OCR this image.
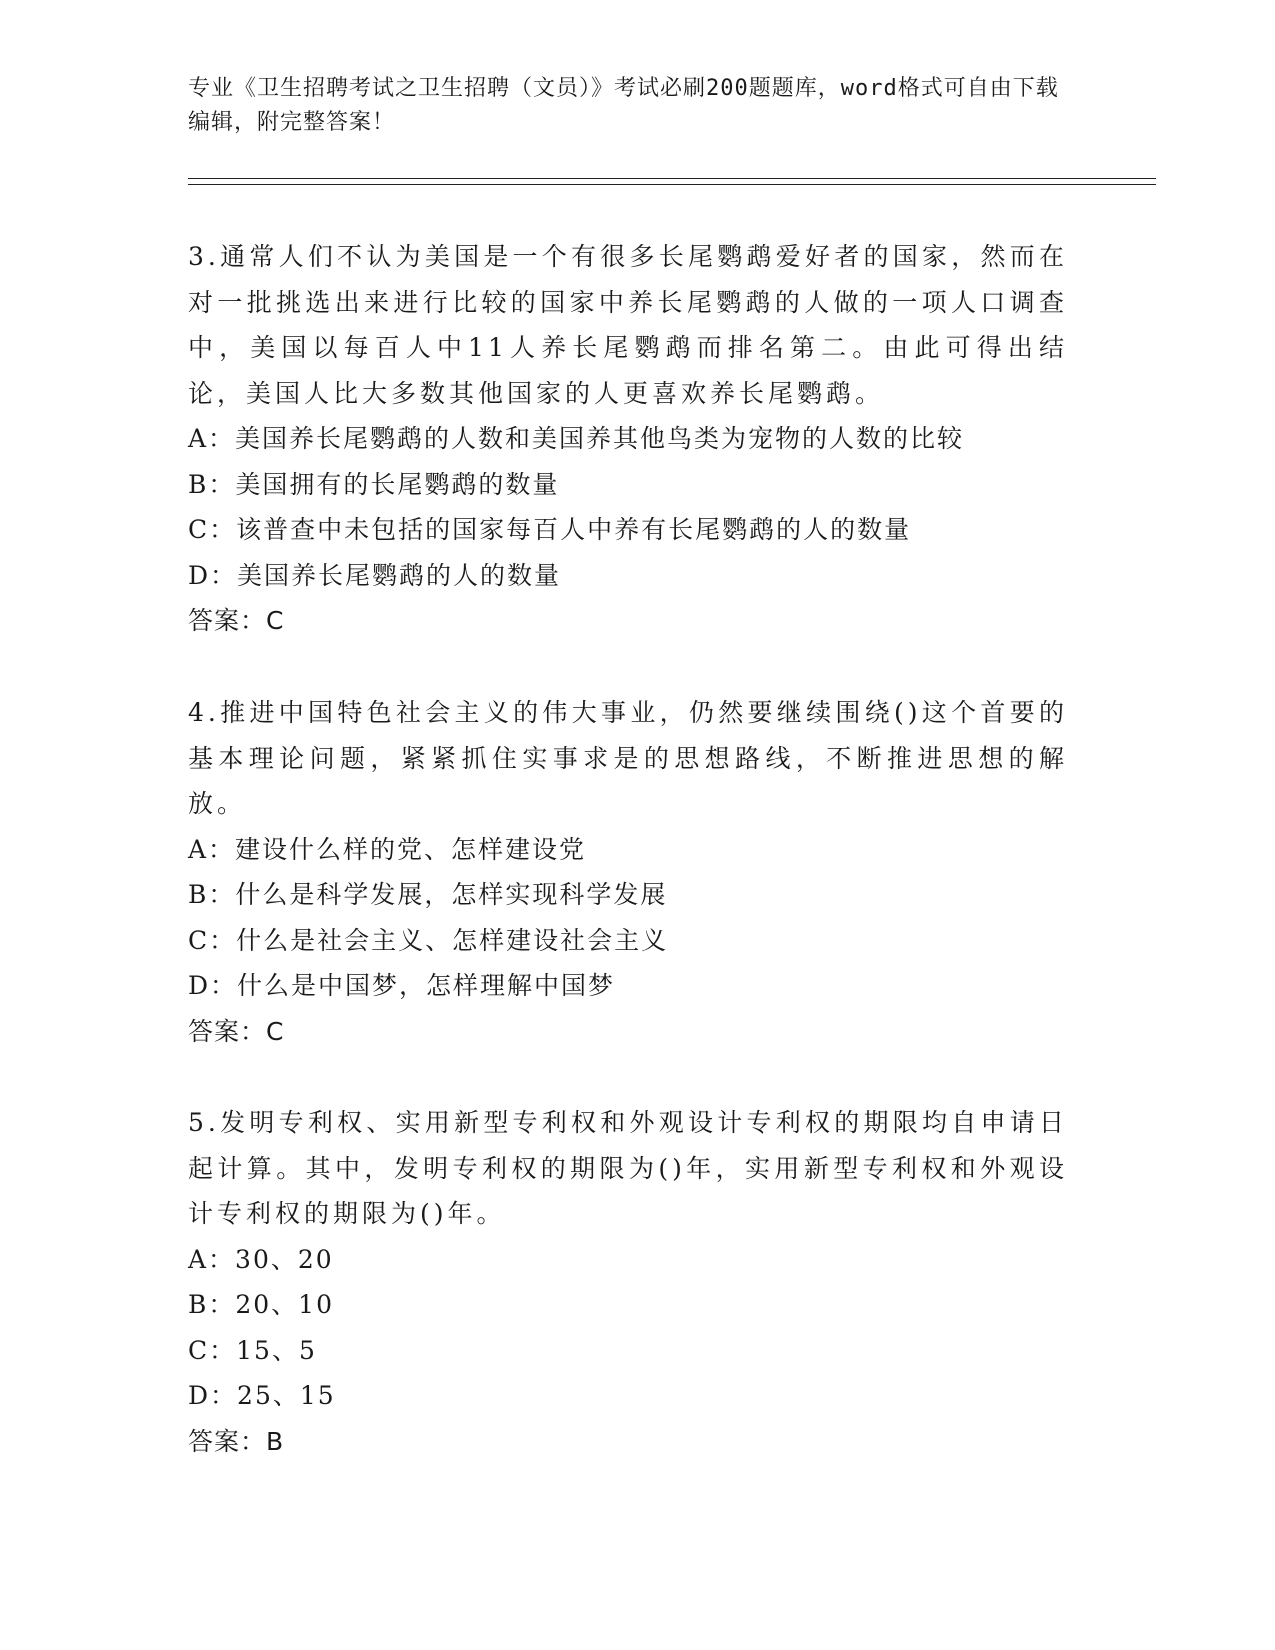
专业《卫生招聘考试之卫生招聘（文员）》考试必刷200题题库，word格式可自由下载编辑，附完整答案！

3.通常人们不认为美国是一个有很多长尾鹦鹉爱好者的国家，然而在对一批挑选出来进行比较的国家中养长尾鹦鹉的人做的一项人口调查中，美国以每百人中11人养长尾鹦鹉而排名第二。由此可得出结论，美国人比大多数其他国家的人更喜欢养长尾鹦鹉。

A：美国养长尾鹦鹉的人数和美国养其他鸟类为宠物的人数的比较

B：美国拥有的长尾鹦鹉的数量

C：该普查中未包括的国家每百人中养有长尾鹦鹉的人的数量

D：美国养长尾鹦鹉的人的数量

答案：C

4.推进中国特色社会主义的伟大事业，仍然要继续围绕()这个首要的基本理论问题，紧紧抓住实事求是的思想路线，不断推进思想的解放。

A：建设什么样的党、怎样建设党

B：什么是科学发展，怎样实现科学发展

C：什么是社会主义、怎样建设社会主义

D：什么是中国梦，怎样理解中国梦

答案：C

5.发明专利权、实用新型专利权和外观设计专利权的期限均自申请日起计算。其中，发明专利权的期限为()年，实用新型专利权和外观设计专利权的期限为()年。

A：30、20

B：20、10

C：15、5

D：25、15

答案：B
